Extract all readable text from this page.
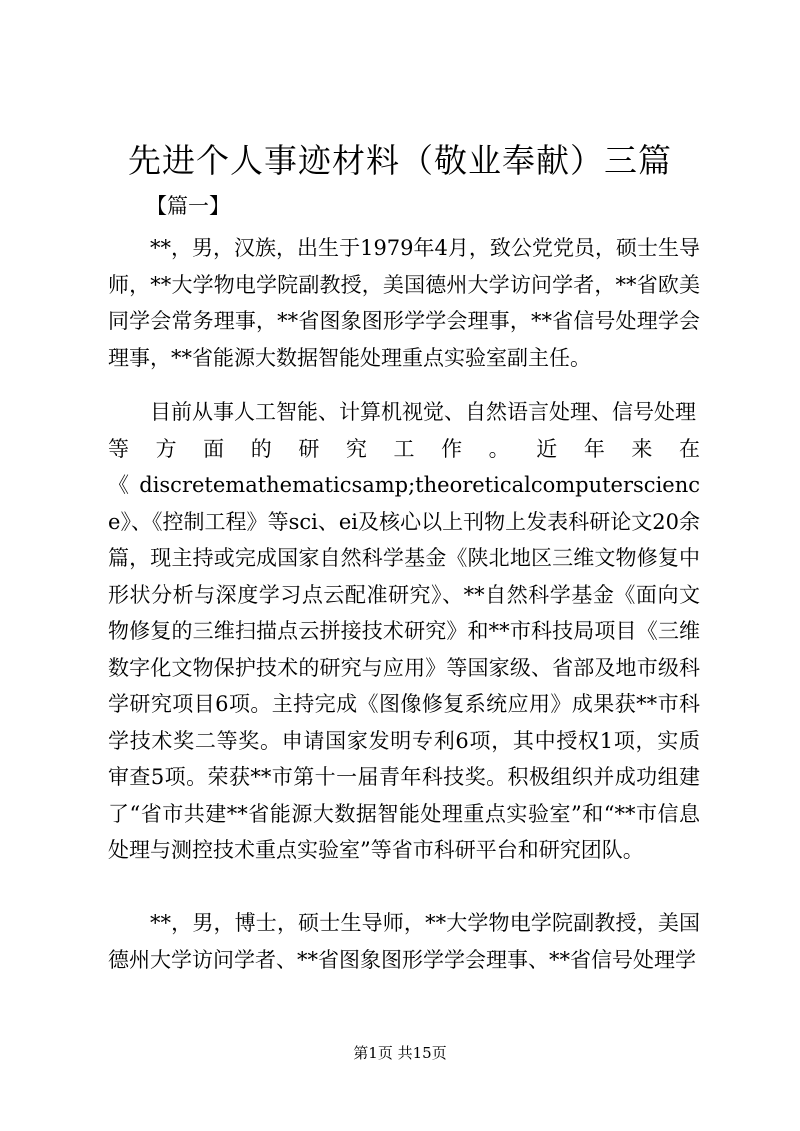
先进个人事迹材料（敬业奉献）三篇
【篇一】

**，男，汉族，出生于1979年4月，致公党党员，硕士生导师，**大学物电学院副教授，美国德州大学访问学者，**省欧美同学会常务理事，**省图象图形学学会理事，**省信号处理学会理事，**省能源大数据智能处理重点实验室副主任。

目前从事人工智能、计算机视觉、自然语言处理、信号处理
等方面的研究工作。近年来在
《discretemathematicsamp;theoreticalcomputerscience》、《控制工程》等sci、ei及核心以上刊物上发表科研论文20余篇，现主持或完成国家自然科学基金《陕北地区三维文物修复中形状分析与深度学习点云配准研究》、**自然科学基金《面向文物修复的三维扫描点云拼接技术研究》和**市科技局项目《三维数字化文物保护技术的研究与应用》等国家级、省部及地市级科学研究项目6项。主持完成《图像修复系统应用》成果获**市科学技术奖二等奖。申请国家发明专利6项，其中授权1项，实质审查5项。荣获**市第十一届青年科技奖。积极组织并成功组建了“省市共建**省能源大数据智能处理重点实验室”和“**市信息处理与测控技术重点实验室”等省市科研平台和研究团队。

**，男，博士，硕士生导师，**大学物电学院副教授，美国德州大学访问学者、**省图象图形学学会理事、**省信号处理学

第1页 共15页
